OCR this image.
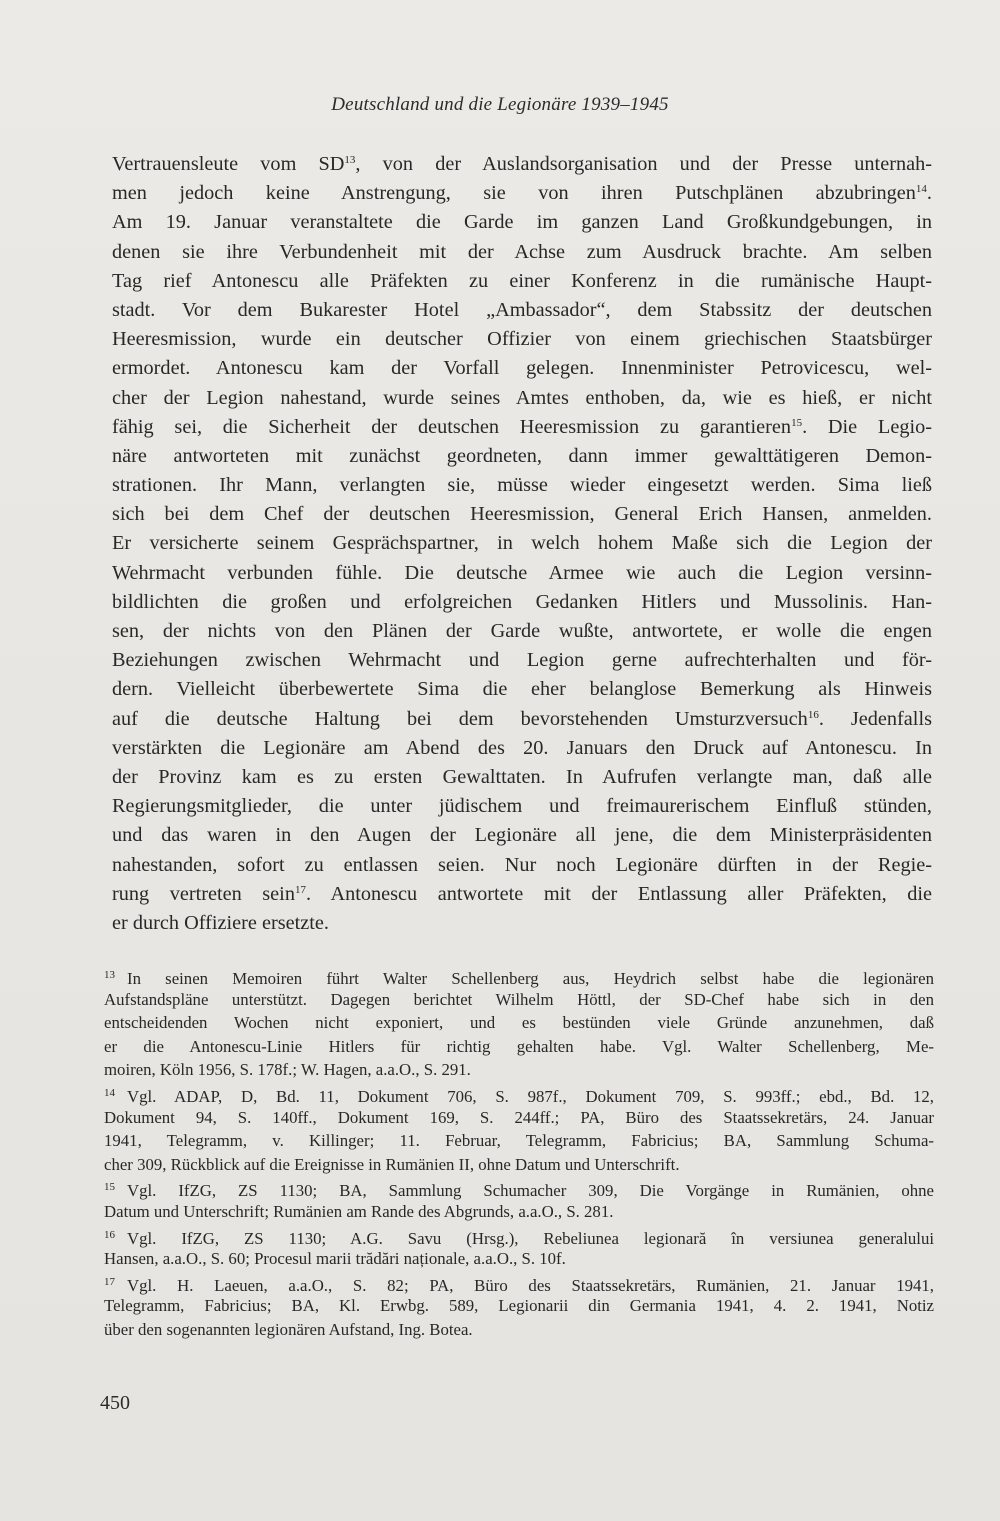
Deutschland und die Legionäre 1939–1945
Vertrauensleute vom SD$^{13}$, von der Auslandsorganisation und der Presse unternah-
men jedoch keine Anstrengung, sie von ihren Putschplänen abzubringen$^{14}$.
Am 19. Januar veranstaltete die Garde im ganzen Land Großkundgebungen, in
denen sie ihre Verbundenheit mit der Achse zum Ausdruck brachte. Am selben
Tag rief Antonescu alle Präfekten zu einer Konferenz in die rumänische Haupt-
stadt. Vor dem Bukarester Hotel „Ambassador“, dem Stabssitz der deutschen
Heeresmission, wurde ein deutscher Offizier von einem griechischen Staatsbürger
ermordet. Antonescu kam der Vorfall gelegen. Innenminister Petrovicescu, wel-
cher der Legion nahestand, wurde seines Amtes enthoben, da, wie es hieß, er nicht
fähig sei, die Sicherheit der deutschen Heeresmission zu garantieren$^{15}$. Die Legio-
näre antworteten mit zunächst geordneten, dann immer gewalttätigeren Demon-
strationen. Ihr Mann, verlangten sie, müsse wieder eingesetzt werden. Sima ließ
sich bei dem Chef der deutschen Heeresmission, General Erich Hansen, anmelden.
Er versicherte seinem Gesprächspartner, in welch hohem Maße sich die Legion der
Wehrmacht verbunden fühle. Die deutsche Armee wie auch die Legion versinn-
bildlichten die großen und erfolgreichen Gedanken Hitlers und Mussolinis. Han-
sen, der nichts von den Plänen der Garde wußte, antwortete, er wolle die engen
Beziehungen zwischen Wehrmacht und Legion gerne aufrechterhalten und för-
dern. Vielleicht überbewertete Sima die eher belanglose Bemerkung als Hinweis
auf die deutsche Haltung bei dem bevorstehenden Umsturzversuch$^{16}$. Jedenfalls
verstärkten die Legionäre am Abend des 20. Januars den Druck auf Antonescu. In
der Provinz kam es zu ersten Gewalttaten. In Aufrufen verlangte man, daß alle
Regierungsmitglieder, die unter jüdischem und freimaurerischem Einfluß stünden,
und das waren in den Augen der Legionäre all jene, die dem Ministerpräsidenten
nahestanden, sofort zu entlassen seien. Nur noch Legionäre dürften in der Regie-
rung vertreten sein$^{17}$. Antonescu antwortete mit der Entlassung aller Präfekten, die
er durch Offiziere ersetzte.
$^{13}$ In seinen Memoiren führt Walter Schellenberg aus, Heydrich selbst habe die legionären
Aufstandspläne unterstützt. Dagegen berichtet Wilhelm Höttl, der SD-Chef habe sich in den
entscheidenden Wochen nicht exponiert, und es bestünden viele Gründe anzunehmen, daß
er die Antonescu-Linie Hitlers für richtig gehalten habe. Vgl. Walter Schellenberg, Me-
moiren, Köln 1956, S. 178f.; W. Hagen, a.a.O., S. 291.
$^{14}$ Vgl. ADAP, D, Bd. 11, Dokument 706, S. 987f., Dokument 709, S. 993ff.; ebd., Bd. 12,
Dokument 94, S. 140ff., Dokument 169, S. 244ff.; PA, Büro des Staatssekretärs, 24. Januar
1941, Telegramm, v. Killinger; 11. Februar, Telegramm, Fabricius; BA, Sammlung Schuma-
cher 309, Rückblick auf die Ereignisse in Rumänien II, ohne Datum und Unterschrift.
$^{15}$ Vgl. IfZG, ZS 1130; BA, Sammlung Schumacher 309, Die Vorgänge in Rumänien, ohne
Datum und Unterschrift; Rumänien am Rande des Abgrunds, a.a.O., S. 281.
$^{16}$ Vgl. IfZG, ZS 1130; A.G. Savu (Hrsg.), Rebeliunea legionară în versiunea generalului
Hansen, a.a.O., S. 60; Procesul marii trădări naționale, a.a.O., S. 10f.
$^{17}$ Vgl. H. Laeuen, a.a.O., S. 82; PA, Büro des Staatssekretärs, Rumänien, 21. Januar 1941,
Telegramm, Fabricius; BA, Kl. Erwbg. 589, Legionarii din Germania 1941, 4. 2. 1941, Notiz
über den sogenannten legionären Aufstand, Ing. Botea.
450
